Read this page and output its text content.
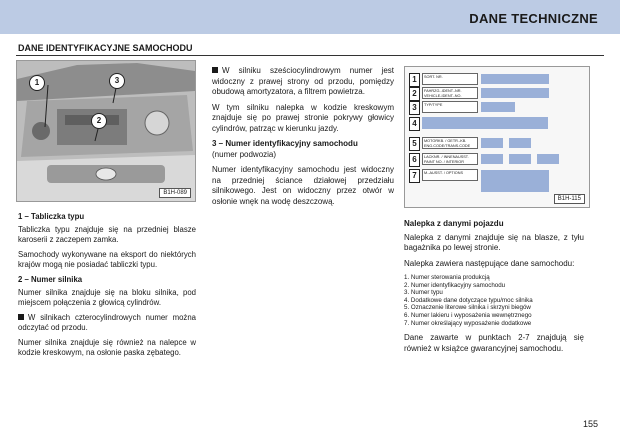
DANE TECHNICZNE
DANE IDENTYFIKACYJNE SAMOCHODU
1
2
3
B1H-089

1 – Tabliczka typu

Tabliczka typu znajduje się na przedniej blasze karoserii z zaczepem zamka.

Samochody wykonywane na eksport do niektórych krajów mogą nie posiadać tabliczki typu.

2 – Numer silnika

Numer silnika znajduje się na bloku silnika, pod miejscem połączenia z głowicą cylindrów.

W silnikach czterocylindrowych numer można odczytać od przodu.

Numer silnika znajduje się również na nalepce w kodzie kreskowym, na osłonie paska zębatego.

W silniku sześciocylindrowym numer jest widoczny z prawej strony od przodu, pomiędzy obudową amortyzatora, a filtrem powietrza.

W tym silniku nalepka w kodzie kreskowym znajduje się po prawej stronie pokrywy głowicy cylindrów, patrząc w kierunku jazdy.

3 – Numer identyfikacyjny samochodu

(numer podwozia)

Numer identyfikacyjny samochodu jest widoczny na przedniej ściance działowej przedziału silnikowego. Jest on widoczny przez otwór w osłonie wnęk na wodę deszczową.

1	SORT. NR.
2	FAHRZG.-IDENT.-NR. VEHICLE-IDENT.-NO.
3	TYP/TYPE
4
5	MOTORKB. / GETR.-KB. ENG.CODE/TRANS.CODE
6	LACKNR. / INNENAUSST. PAINT NO. / INTERIOR
7	M.-AUSST. / OPTIONS
B1H-115

Nalepka z danymi pojazdu

Nalepka z danymi znajduje się na blasze, z tyłu bagażnika po lewej stronie.

Nalepka zawiera następujące dane samochodu:

1. Numer sterowania produkcją
2. Numer identyfikacyjny samochodu
3. Numer typu
4. Dodatkowe dane dotyczące typu/moc silnika
5. Oznaczenie literowe silnika i skrzyni biegów
6. Numer lakieru i wyposażenia wewnętrznego
7. Numer określający wyposażenie dodatkowe

Dane zawarte w punktach 2-7 znajdują się również w książce gwarancyjnej samochodu.

155
